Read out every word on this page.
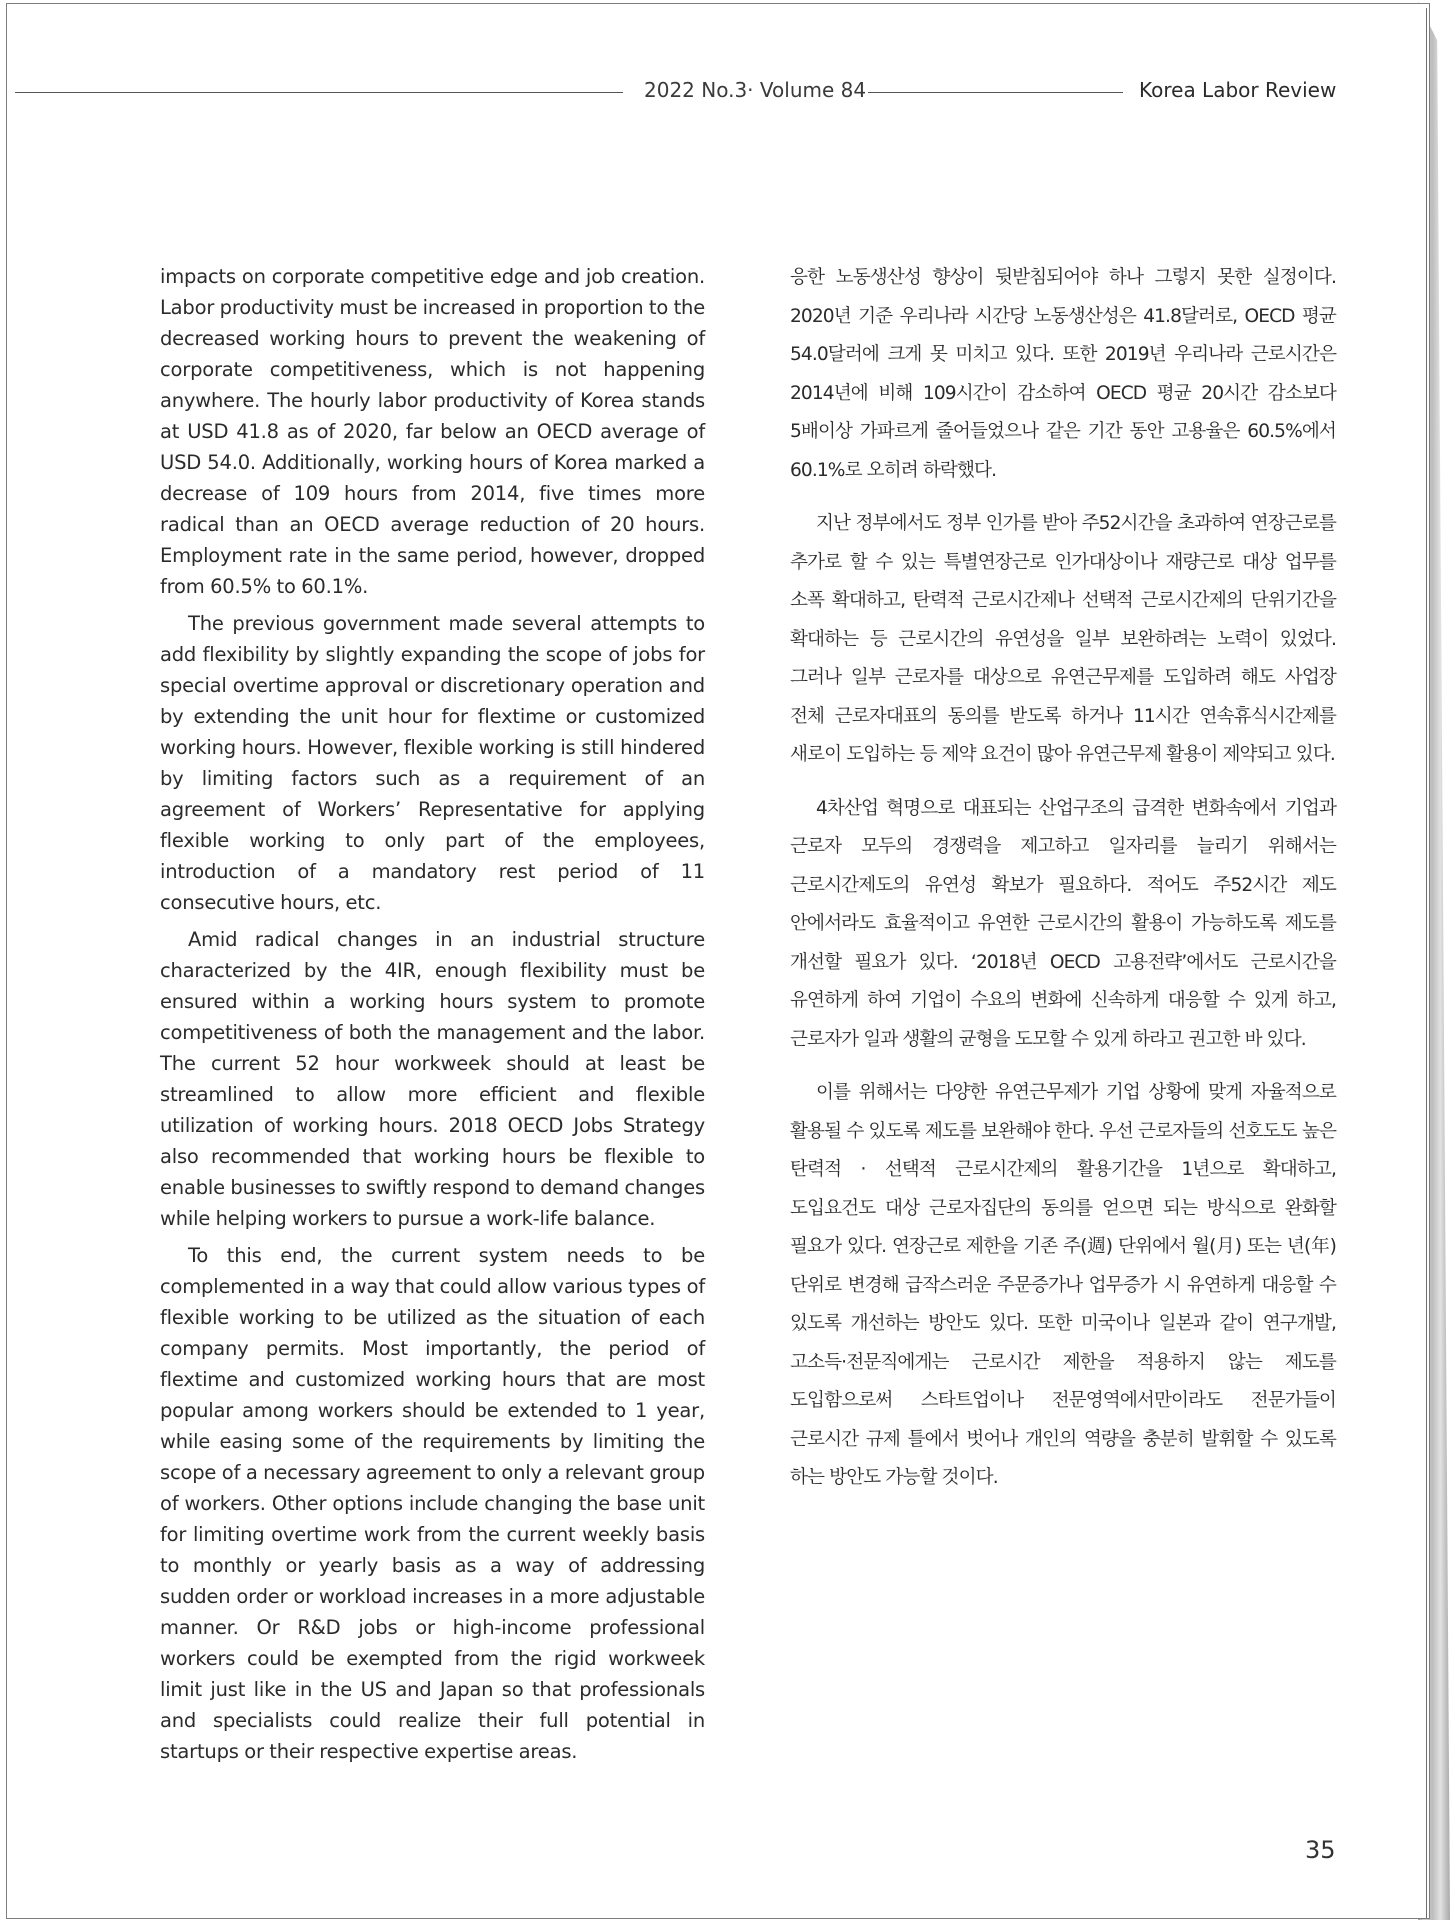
2022 No.3· Volume 84	Korea Labor Review

impacts on corporate competitive edge and job creation. Labor productivity must be increased in proportion to the decreased working hours to prevent the weakening of corporate competitiveness, which is not happening anywhere. The hourly labor productivity of Korea stands at USD 41.8 as of 2020, far below an OECD average of USD 54.0. Additionally, working hours of Korea marked a decrease of 109 hours from 2014, five times more radical than an OECD average reduction of 20 hours. Employment rate in the same period, however, dropped from 60.5% to 60.1%.

The previous government made several attempts to add flexibility by slightly expanding the scope of jobs for special overtime approval or discretionary operation and by extending the unit hour for flextime or customized working hours. However, flexible working is still hindered by limiting factors such as a requirement of an agreement of Workers’ Representative for applying flexible working to only part of the employees, introduction of a mandatory rest period of 11 consecutive hours, etc.

Amid radical changes in an industrial structure characterized by the 4IR, enough flexibility must be ensured within a working hours system to promote competitiveness of both the management and the labor. The current 52 hour workweek should at least be streamlined to allow more efficient and flexible utilization of working hours. 2018 OECD Jobs Strategy also recommended that working hours be flexible to enable businesses to swiftly respond to demand changes while helping workers to pursue a work-life balance.

To this end, the current system needs to be complemented in a way that could allow various types of flexible working to be utilized as the situation of each company permits. Most importantly, the period of flextime and customized working hours that are most popular among workers should be extended to 1 year, while easing some of the requirements by limiting the scope of a necessary agreement to only a relevant group of workers. Other options include changing the base unit for limiting overtime work from the current weekly basis to monthly or yearly basis as a way of addressing sudden order or workload increases in a more adjustable manner. Or R&D jobs or high-income professional workers could be exempted from the rigid workweek limit just like in the US and Japan so that professionals and specialists could realize their full potential in startups or their respective expertise areas.

응한 노동생산성 향상이 뒷받침되어야 하나 그렇지 못한 실정이다. 2020년 기준 우리나라 시간당 노동생산성은 41.8달러로, OECD 평균 54.0달러에 크게 못 미치고 있다. 또한 2019년 우리나라 근로시간은 2014년에 비해 109시간이 감소하여 OECD 평균 20시간 감소보다 5배이상 가파르게 줄어들었으나 같은 기간 동안 고용율은 60.5%에서 60.1%로 오히려 하락했다.

지난 정부에서도 정부 인가를 받아 주52시간을 초과하여 연장근로를 추가로 할 수 있는 특별연장근로 인가대상이나 재량근로 대상 업무를 소폭 확대하고, 탄력적 근로시간제나 선택적 근로시간제의 단위기간을 확대하는 등 근로시간의 유연성을 일부 보완하려는 노력이 있었다. 그러나 일부 근로자를 대상으로 유연근무제를 도입하려 해도 사업장 전체 근로자대표의 동의를 받도록 하거나 11시간 연속휴식시간제를 새로이 도입하는 등 제약 요건이 많아 유연근무제 활용이 제약되고 있다.

4차산업 혁명으로 대표되는 산업구조의 급격한 변화속에서 기업과 근로자 모두의 경쟁력을 제고하고 일자리를 늘리기 위해서는 근로시간제도의 유연성 확보가 필요하다. 적어도 주52시간 제도 안에서라도 효율적이고 유연한 근로시간의 활용이 가능하도록 제도를 개선할 필요가 있다. ‘2018년 OECD 고용전략’에서도 근로시간을 유연하게 하여 기업이 수요의 변화에 신속하게 대응할 수 있게 하고, 근로자가 일과 생활의 균형을 도모할 수 있게 하라고 권고한 바 있다.

이를 위해서는 다양한 유연근무제가 기업 상황에 맞게 자율적으로 활용될 수 있도록 제도를 보완해야 한다. 우선 근로자들의 선호도도 높은 탄력적 · 선택적 근로시간제의 활용기간을 1년으로 확대하고, 도입요건도 대상 근로자집단의 동의를 얻으면 되는 방식으로 완화할 필요가 있다. 연장근로 제한을 기존 주(週) 단위에서 월(月) 또는 년(年) 단위로 변경해 급작스러운 주문증가나 업무증가 시 유연하게 대응할 수 있도록 개선하는 방안도 있다. 또한 미국이나 일본과 같이 연구개발, 고소득·전문직에게는 근로시간 제한을 적용하지 않는 제도를 도입함으로써 스타트업이나 전문영역에서만이라도 전문가들이 근로시간 규제 틀에서 벗어나 개인의 역량을 충분히 발휘할 수 있도록 하는 방안도 가능할 것이다.

35
